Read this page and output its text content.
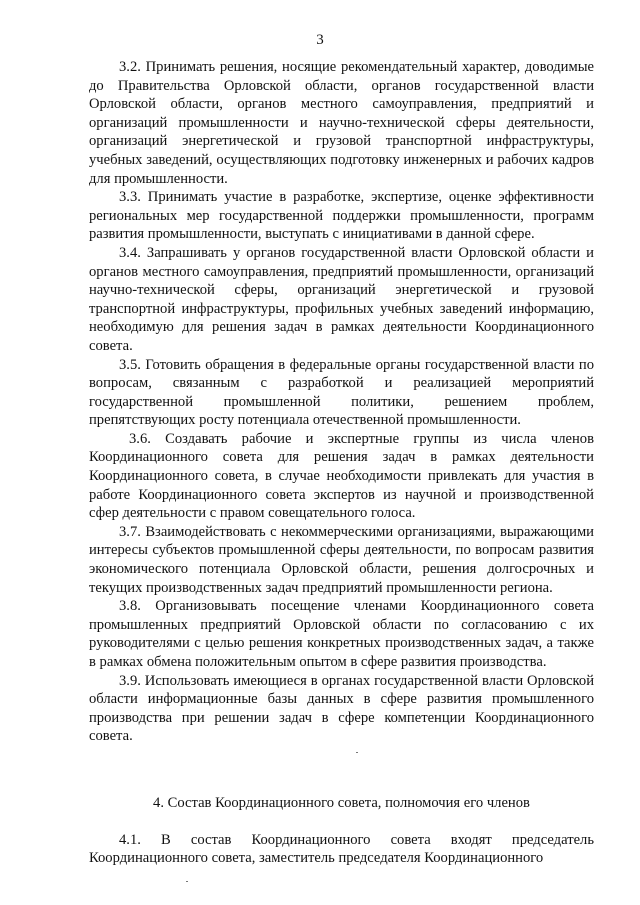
3

3.2. Принимать решения, носящие рекомендательный характер, доводимые до Правительства Орловской области, органов государственной власти Орловской области, органов местного самоуправления, предприятий и организаций промышленности и научно-технической сферы деятельности, организаций энергетической и грузовой транспортной инфраструктуры, учебных заведений, осуществляющих подготовку инженерных и рабочих кадров для промышленности.

3.3. Принимать участие в разработке, экспертизе, оценке эффективности региональных мер государственной поддержки промышленности, программ развития промышленности, выступать с инициативами в данной сфере.

3.4. Запрашивать у органов государственной власти Орловской области и органов местного самоуправления, предприятий промышленности, организаций научно-технической сферы, организаций энергетической и грузовой транспортной инфраструктуры, профильных учебных заведений информацию, необходимую для решения задач в рамках деятельности Координационного совета.

3.5. Готовить обращения в федеральные органы государственной власти по вопросам, связанным с разработкой и реализацией мероприятий государственной промышленной политики, решением проблем, препятствующих росту потенциала отечественной промышленности.

3.6. Создавать рабочие и экспертные группы из числа членов Координационного совета для решения задач в рамках деятельности Координационного совета, в случае необходимости привлекать для участия в работе Координационного совета экспертов из научной и производственной сфер деятельности с правом совещательного голоса.

3.7. Взаимодействовать с некоммерческими организациями, выражающими интересы субъектов промышленной сферы деятельности, по вопросам развития экономического потенциала Орловской области, решения долгосрочных и текущих производственных задач предприятий промышленности региона.

3.8. Организовывать посещение членами Координационного совета промышленных предприятий Орловской области по согласованию с их руководителями с целью решения конкретных производственных задач, а также в рамках обмена положительным опытом в сфере развития производства.

3.9. Использовать имеющиеся в органах государственной власти Орловской области информационные базы данных в сфере развития промышленного производства при решении задач в сфере компетенции Координационного совета.

4. Состав Координационного совета, полномочия его членов

4.1. В состав Координационного совета входят председатель Координационного совета, заместитель председателя Координационного
